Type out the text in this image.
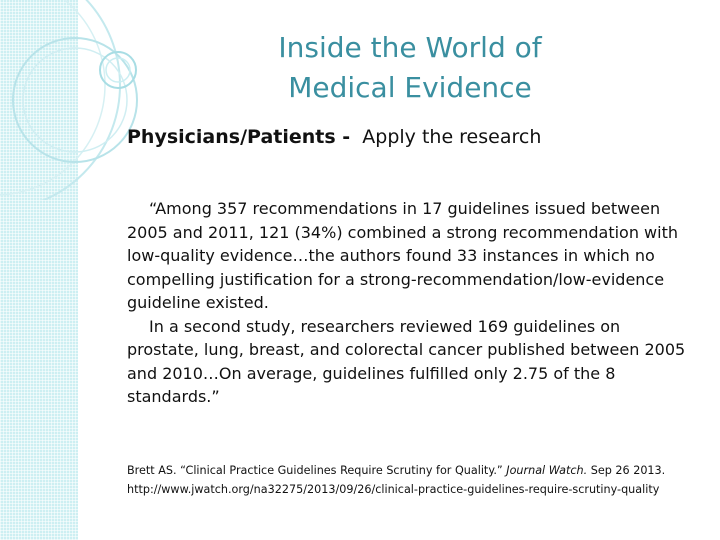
Inside the World of
Medical Evidence
Physicians/Patients - Apply the research

“Among 357 recommendations in 17 guidelines issued between 2005 and 2011, 121 (34%) combined a strong recommendation with low-quality evidence…the authors found 33 instances in which no compelling justification for a strong-recommendation/low-evidence guideline existed.

In a second study, researchers reviewed 169 guidelines on prostate, lung, breast, and colorectal cancer published between 2005 and 2010…On average, guidelines fulfilled only 2.75 of the 8 standards.”

Brett AS. “Clinical Practice Guidelines Require Scrutiny for Quality.” Journal Watch. Sep 26 2013. http://www.jwatch.org/na32275/2013/09/26/clinical-practice-guidelines-require-scrutiny-quality
